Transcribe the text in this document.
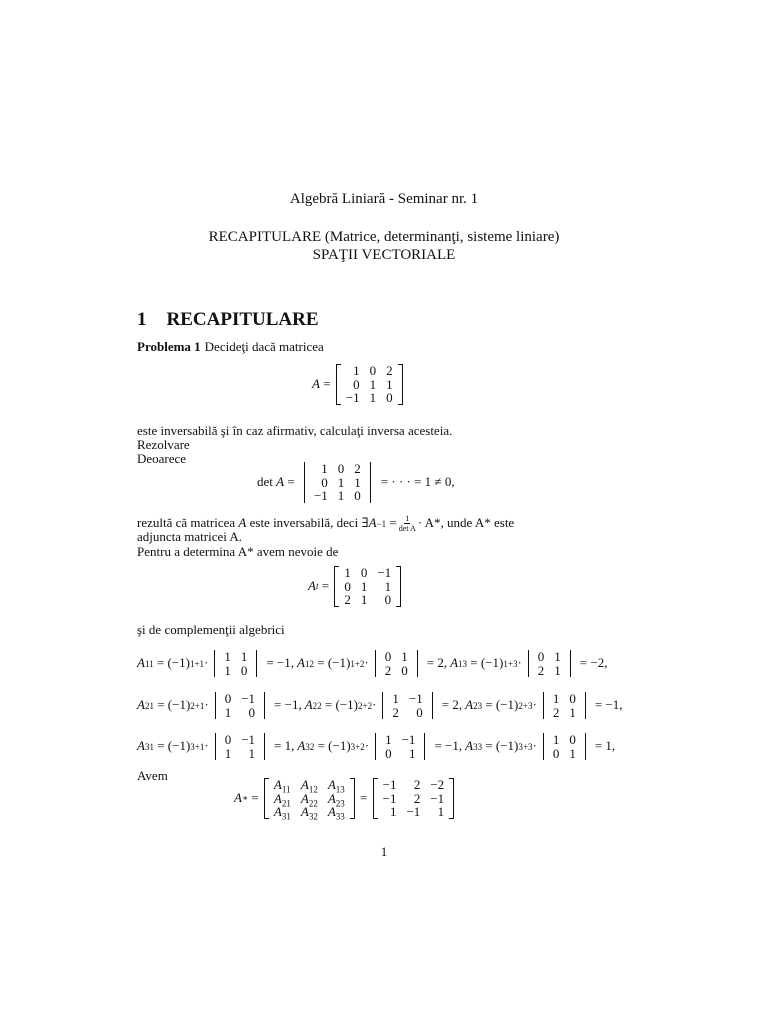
Algebră Liniară - Seminar nr. 1
RECAPITULARE (Matrice, determinanţi, sisteme liniare)
SPAŢII VECTORIALE
1 RECAPITULARE
Problema 1 Decideţi dacă matricea
A =
1	0	2
0	1	1
−1	1	0
este inversabilă şi în caz afirmativ, calculaţi inversa acesteia.
Rezolvare
Deoarece
det A =
1	0	2
0	1	1
−1	1	0
= · · · = 1 ≠ 0,
rezultă că matricea
A
este inversabilă, deci ∃ $A -1 = \frac{1}{\text{det A}} \cdot A*$, unde A* este
adjuncta matricei A.
Pentru a determina A* avem nevoie de
A t =
1	0	−1
0	1	1
2	1	0
şi de complemenţii algebrici
A 11 = (−1) 1+1 · 1	1
1	0 = −1, A 12 = (−1) 1+2 · 0	1
2	0 = 2, A 13 = (−1) 1+3 · 0	1
2	1 = −2,
A 21 = (−1) 2+1 · 0	−1
1	0 = −1, A 22 = (−1) 2+2 · 1	−1
2	0 = 2, A 23 = (−1) 2+3 · 1	0
2	1 = −1,
A 31 = (−1) 3+1 · 0	−1
1	1 = 1, A 32 = (−1) 3+2 · 1	−1
0	1 = −1, A 33 = (−1) 3+3 · 1	0
0	1 = 1,
Avem
A ∗ =
$A_{11}$	$A_{12}$	$A_{13}$
$A_{21}$	$A_{22}$	$A_{23}$
$A_{31}$	$A_{32}$	$A_{33}$
=
−1	2	−2
−1	2	−1
1	−1	1
1
